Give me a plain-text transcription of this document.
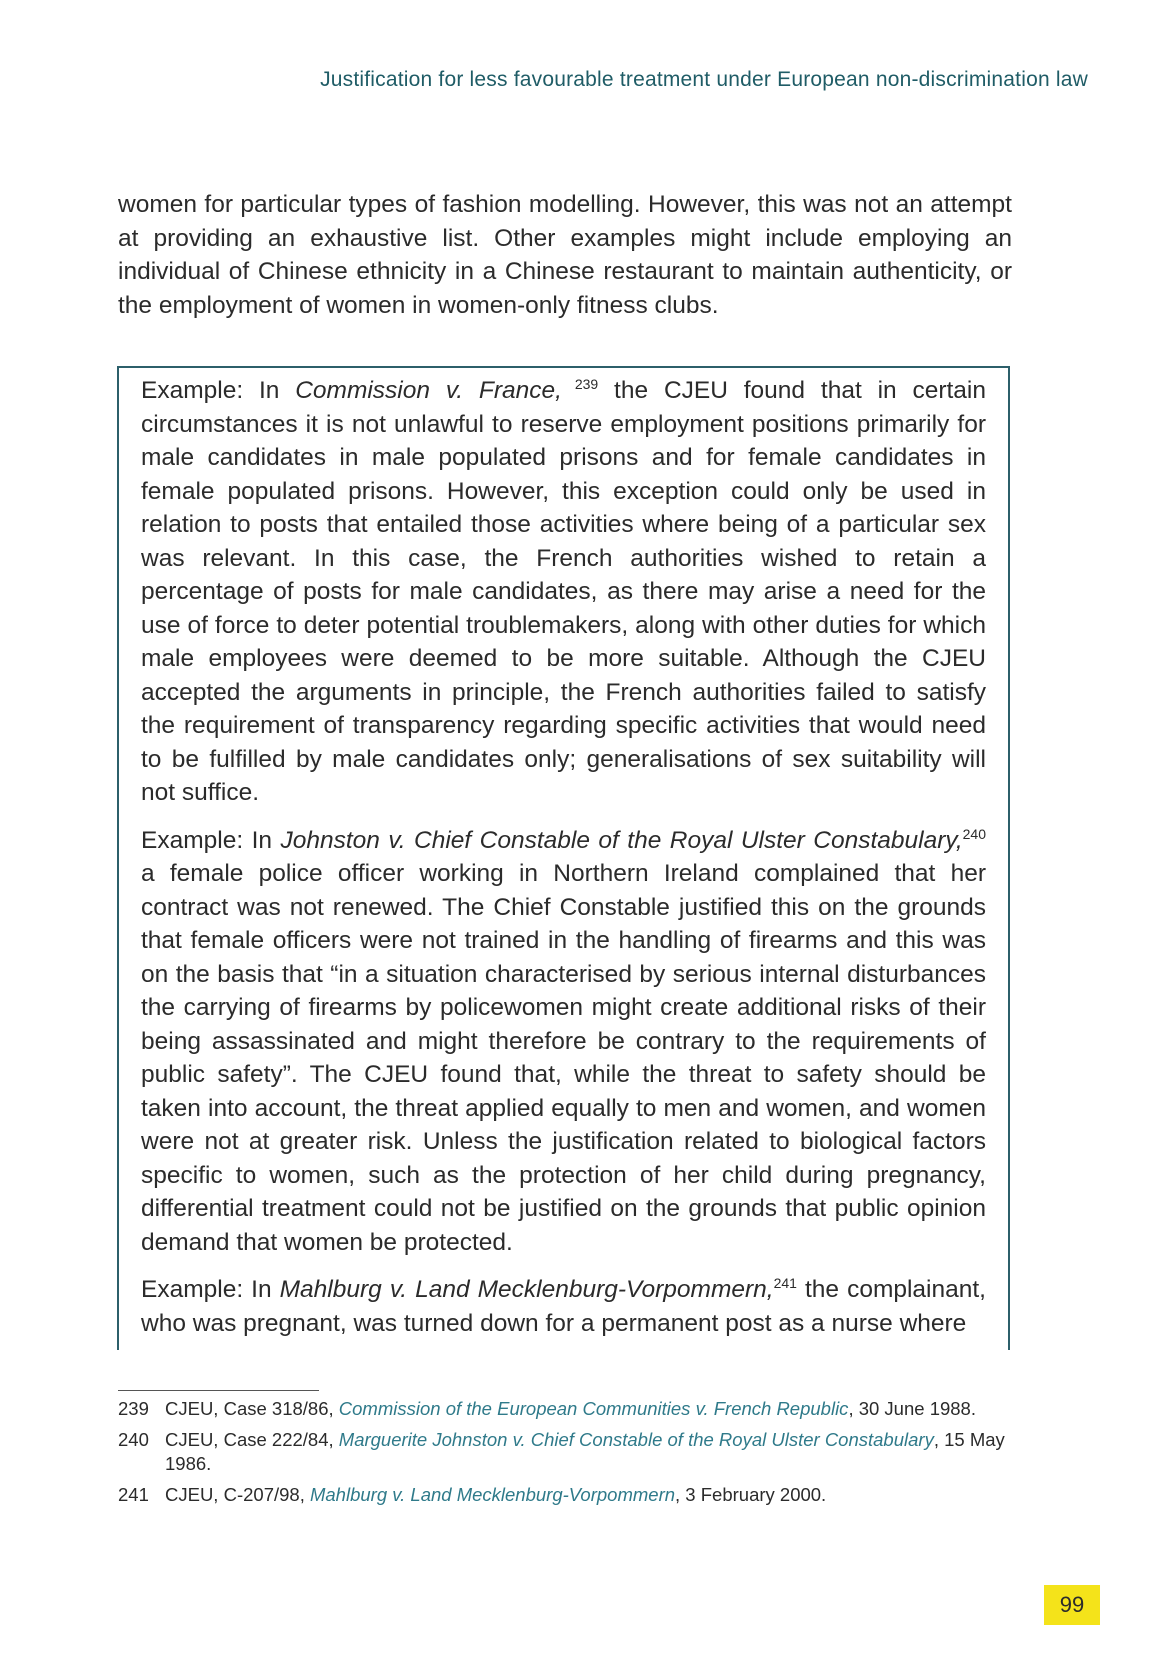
Justification for less favourable treatment under European non-discrimination law

women for particular types of fashion modelling. However, this was not an attempt at providing an exhaustive list. Other examples might include employing an individual of Chinese ethnicity in a Chinese restaurant to maintain authenticity, or the employment of women in women-only fitness clubs.

Example: In Commission v. France, $^{239}$ the CJEU found that in certain circumstances it is not unlawful to reserve employment positions primarily for male candidates in male populated prisons and for female candidates in female populated prisons. However, this exception could only be used in relation to posts that entailed those activities where being of a particular sex was relevant. In this case, the French authorities wished to retain a percentage of posts for male candidates, as there may arise a need for the use of force to deter potential troublemakers, along with other duties for which male employees were deemed to be more suitable. Although the CJEU accepted the arguments in principle, the French authorities failed to satisfy the requirement of transparency regarding specific activities that would need to be fulfilled by male candidates only; generalisations of sex suitability will not suffice.

Example: In Johnston v. Chief Constable of the Royal Ulster Constabulary,$^{240}$ a female police officer working in Northern Ireland complained that her contract was not renewed. The Chief Constable justified this on the grounds that female officers were not trained in the handling of firearms and this was on the basis that “in a situation characterised by serious internal disturbances the carrying of firearms by policewomen might create additional risks of their being assassinated and might therefore be contrary to the requirements of public safety”. The CJEU found that, while the threat to safety should be taken into account, the threat applied equally to men and women, and women were not at greater risk. Unless the justification related to biological factors specific to women, such as the protection of her child during pregnancy, differential treatment could not be justified on the grounds that public opinion demand that women be protected.

Example: In Mahlburg v. Land Mecklenburg-Vorpommern,$^{241}$ the complainant, who was pregnant, was turned down for a permanent post as a nurse where

239 CJEU, Case 318/86, Commission of the European Communities v. French Republic, 30 June 1988.
240 CJEU, Case 222/84, Marguerite Johnston v. Chief Constable of the Royal Ulster Constabulary, 15 May 1986.
241 CJEU, C-207/98, Mahlburg v. Land Mecklenburg-Vorpommern, 3 February 2000.
99
